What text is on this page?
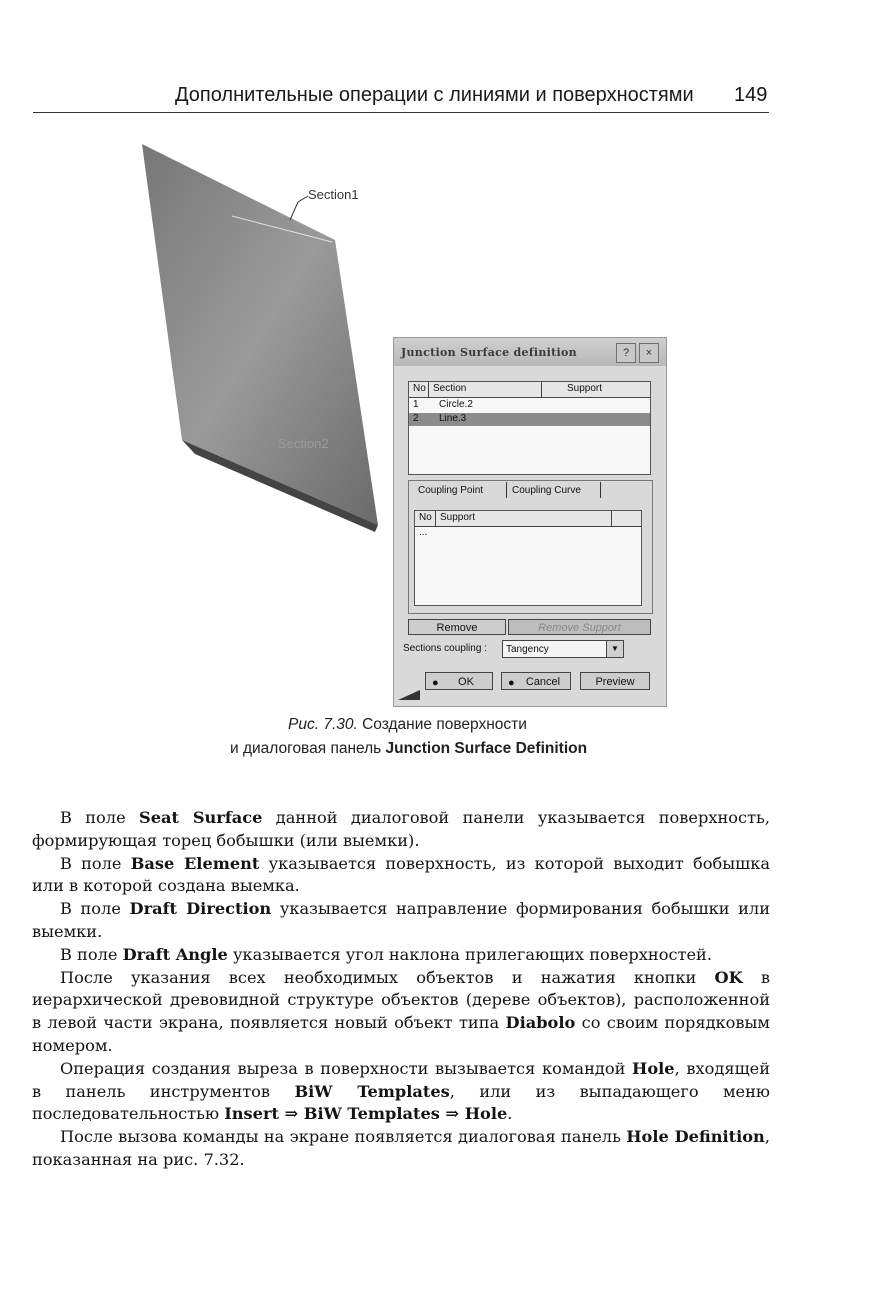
Дополнительные операции с линиями и поверхностями 149
Section1
Section2
Junction Surface definition	?	×
No Section	Support
1 Circle.2
2 Line.3
Coupling Point	Coupling Curve
No Support
...
Remove	Remove Support
Sections coupling : Tangency	▼
● OK	● Cancel	Preview
Рис. 7.30. Создание поверхности
и диалоговая панель Junction Surface Definition

В поле Seat Surface данной диалоговой панели указывается поверхность, формирующая торец бобышки (или выемки).

В поле Base Element указывается поверхность, из которой выходит бобышка или в которой создана выемка.

В поле Draft Direction указывается направление формирования бобышки или выемки.

В поле Draft Angle указывается угол наклона прилегающих поверхностей.

После указания всех необходимых объектов и нажатия кнопки OK в иерархической древовидной структуре объектов (дереве объектов), расположенной в левой части экрана, появляется новый объект типа Diabolo со своим порядковым номером.

Операция создания выреза в поверхности вызывается командой Hole, входящей в панель инструментов BiW Templates, или из выпадающего меню последовательностью Insert ⇒ BiW Templates ⇒ Hole.

После вызова команды на экране появляется диалоговая панель Hole Definition, показанная на рис. 7.32.
